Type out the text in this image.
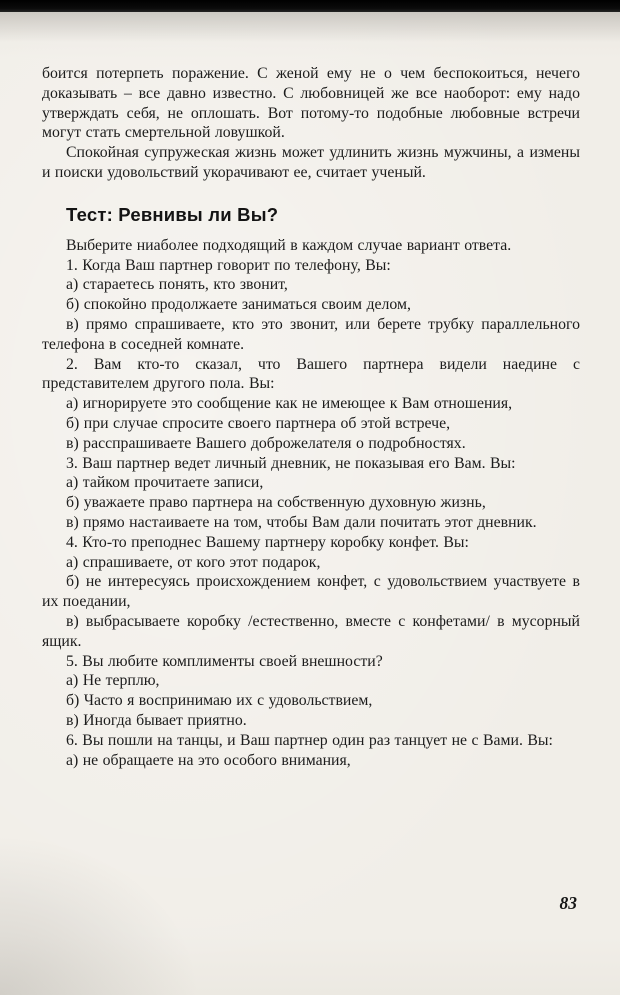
боится потерпеть поражение. С женой ему не о чем беспокоиться, нечего доказывать – все давно известно. С любовницей же все наоборот: ему надо утверждать себя, не оплошать. Вот потому-то подобные любовные встречи могут стать смертельной ловушкой.

Спокойная супружеская жизнь может удлинить жизнь мужчины, а измены и поиски удовольствий укорачивают ее, считает ученый.

Тест: Ревнивы ли Вы?

Выберите ниаболее подходящий в каждом случае вариант ответа.

1. Когда Ваш партнер говорит по телефону, Вы:

а) стараетесь понять, кто звонит,

б) спокойно продолжаете заниматься своим делом,

в) прямо спрашиваете, кто это звонит, или берете трубку параллельного телефона в соседней комнате.

2. Вам кто-то сказал, что Вашего партнера видели наедине с представителем другого пола. Вы:

а) игнорируете это сообщение как не имеющее к Вам отношения,

б) при случае спросите своего партнера об этой встрече,

в) расспрашиваете Вашего доброжелателя о подробностях.

3. Ваш партнер ведет личный дневник, не показывая его Вам. Вы:

а) тайком прочитаете записи,

б) уважаете право партнера на собственную духовную жизнь,

в) прямо настаиваете на том, чтобы Вам дали почитать этот дневник.

4. Кто-то преподнес Вашему партнеру коробку конфет. Вы:

а) спрашиваете, от кого этот подарок,

б) не интересуясь происхождением конфет, с удовольствием участвуете в их поедании,

в) выбрасываете коробку /естественно, вместе с конфетами/ в мусорный ящик.

5. Вы любите комплименты своей внешности?

а) Не терплю,

б) Часто я воспринимаю их с удовольствием,

в) Иногда бывает приятно.

6. Вы пошли на танцы, и Ваш партнер один раз танцует не с Вами. Вы:

а) не обращаете на это особого внимания,

83
